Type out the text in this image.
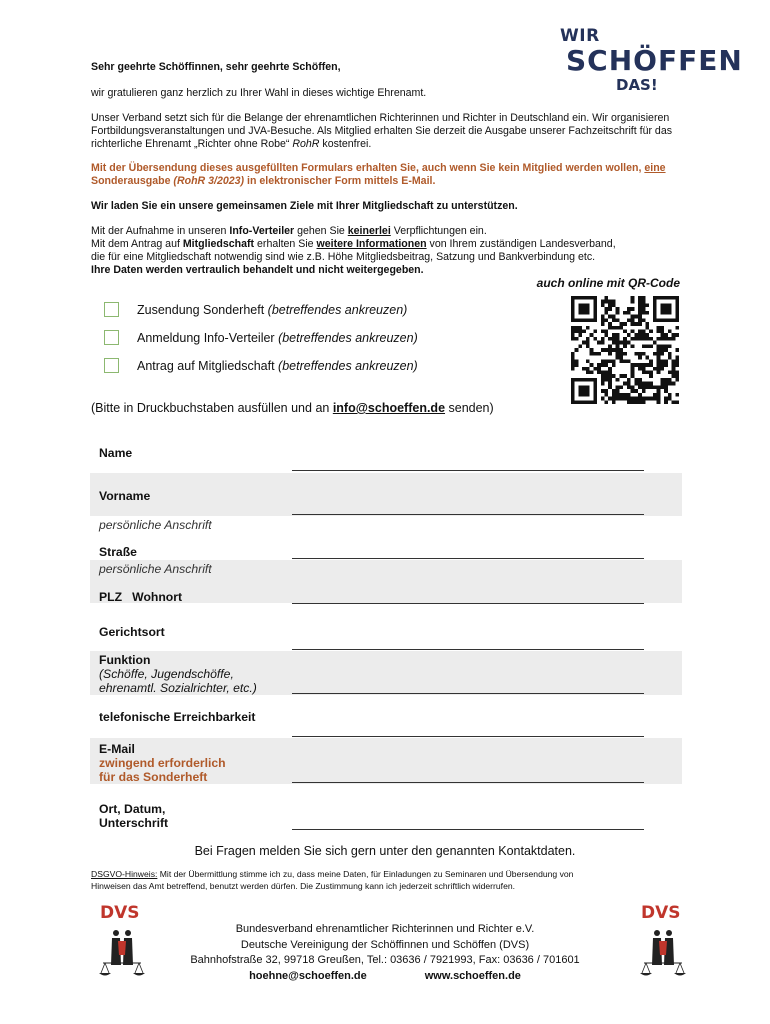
WIR
SCHÖFFEN
DAS!
Sehr geehrte Schöffinnen, sehr geehrte Schöffen,
wir gratulieren ganz herzlich zu Ihrer Wahl in dieses wichtige Ehrenamt.
Unser Verband setzt sich für die Belange der ehrenamtlichen Richterinnen und Richter in Deutschland ein. Wir organisieren Fortbildungsveranstaltungen und JVA-Besuche. Als Mitglied erhalten Sie derzeit die Ausgabe unserer Fachzeitschrift für das richterliche Ehrenamt „Richter ohne Robe“ RohR kostenfrei.
Mit der Übersendung dieses ausgefüllten Formulars erhalten Sie, auch wenn Sie kein Mitglied werden wollen, eine Sonderausgabe (RohR 3/2023) in elektronischer Form mittels E-Mail.
Wir laden Sie ein unsere gemeinsamen Ziele mit Ihrer Mitgliedschaft zu unterstützen.
Mit der Aufnahme in unseren Info-Verteiler gehen Sie keinerlei Verpflichtungen ein.
Mit dem Antrag auf Mitgliedschaft erhalten Sie weitere Informationen von Ihrem zuständigen Landesverband,
die für eine Mitgliedschaft notwendig sind wie z.B. Höhe Mitgliedsbeitrag, Satzung und Bankverbindung etc.
Ihre Daten werden vertraulich behandelt und nicht weitergegeben.
auch online mit QR-Code
Zusendung Sonderheft (betreffendes ankreuzen)
Anmeldung Info-Verteiler (betreffendes ankreuzen)
Antrag auf Mitgliedschaft (betreffendes ankreuzen)
(Bitte in Druckbuchstaben ausfüllen und an info@schoeffen.de senden)
Name
Vorname
persönliche Anschrift
Straße
persönliche Anschrift
PLZ   Wohnort
Gerichtsort
Funktion
(Schöffe, Jugendschöffe,
ehrenamtl. Sozialrichter, etc.)
telefonische Erreichbarkeit
E-Mail
zwingend erforderlich
für das Sonderheft
Ort, Datum,
Unterschrift
Bei Fragen melden Sie sich gern unter den genannten Kontaktdaten.
DSGVO-Hinweis: Mit der Übermittlung stimme ich zu, dass meine Daten, für Einladungen zu Seminaren und Übersendung von
Hinweisen das Amt betreffend, benutzt werden dürfen. Die Zustimmung kann ich jederzeit schriftlich widerrufen.
DVS	DVS
Bundesverband ehrenamtlicher Richterinnen und Richter e.V.
Deutsche Vereinigung der Schöffinnen und Schöffen (DVS)
Bahnhofstraße 32, 99718 Greußen, Tel.: 03636 / 7921993, Fax: 03636 / 701601
hoehne@schoeffen.de	www.schoeffen.de
